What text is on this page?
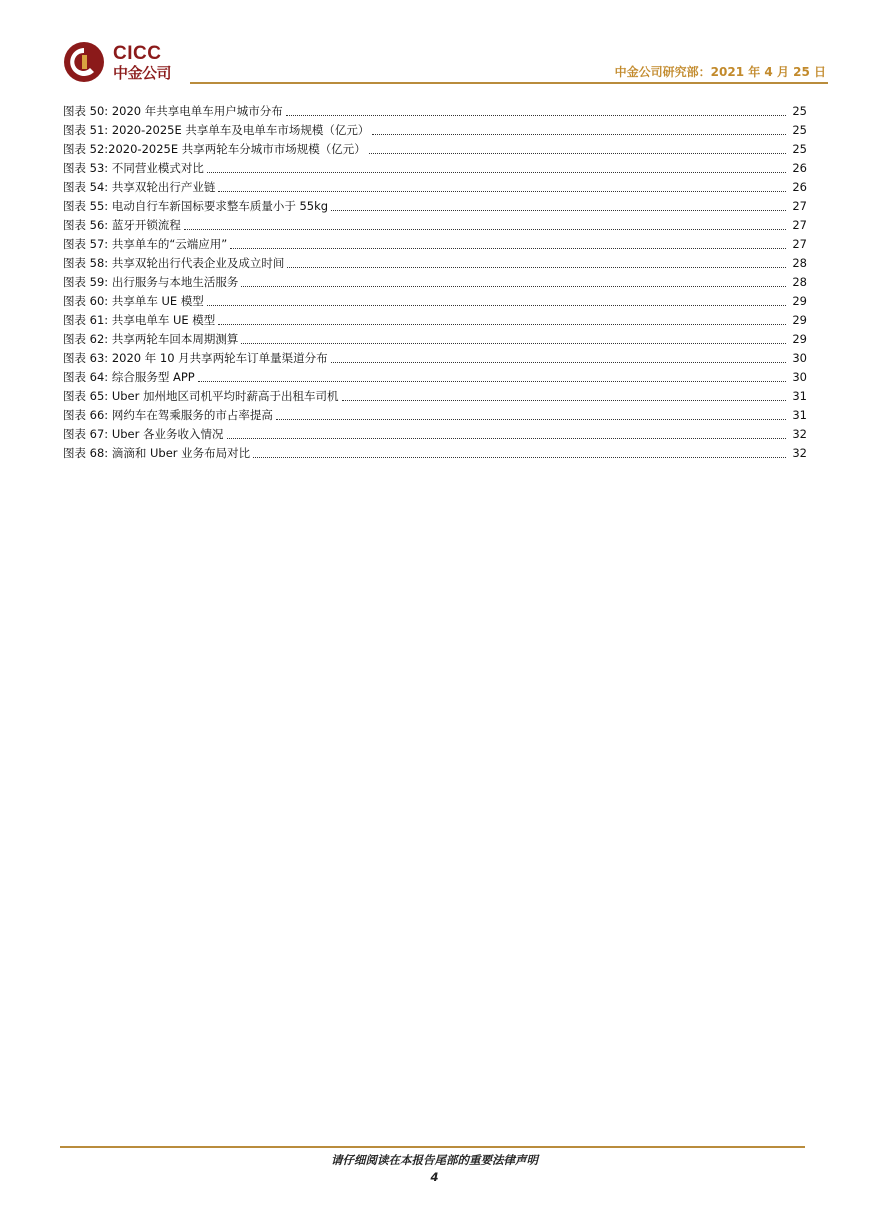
CICC
中金公司	中金公司研究部：2021 年 4 月 25 日
图表 50: 2020 年共享电单车用户城市分布	25
图表 51: 2020-2025E 共享单车及电单车市场规模（亿元）	25
图表 52:2020-2025E 共享两轮车分城市市场规模（亿元）	25
图表 53: 不同营业模式对比	26
图表 54: 共享双轮出行产业链	26
图表 55: 电动自行车新国标要求整车质量小于 55kg	27
图表 56: 蓝牙开锁流程	27
图表 57: 共享单车的“云端应用”	27
图表 58: 共享双轮出行代表企业及成立时间	28
图表 59: 出行服务与本地生活服务	28
图表 60: 共享单车 UE 模型	29
图表 61: 共享电单车 UE 模型	29
图表 62: 共享两轮车回本周期测算	29
图表 63: 2020 年 10 月共享两轮车订单量渠道分布	30
图表 64: 综合服务型 APP	30
图表 65: Uber 加州地区司机平均时薪高于出租车司机	31
图表 66: 网约车在驾乘服务的市占率提高	31
图表 67: Uber 各业务收入情况	32
图表 68: 滴滴和 Uber 业务布局对比	32
请仔细阅读在本报告尾部的重要法律声明
4
